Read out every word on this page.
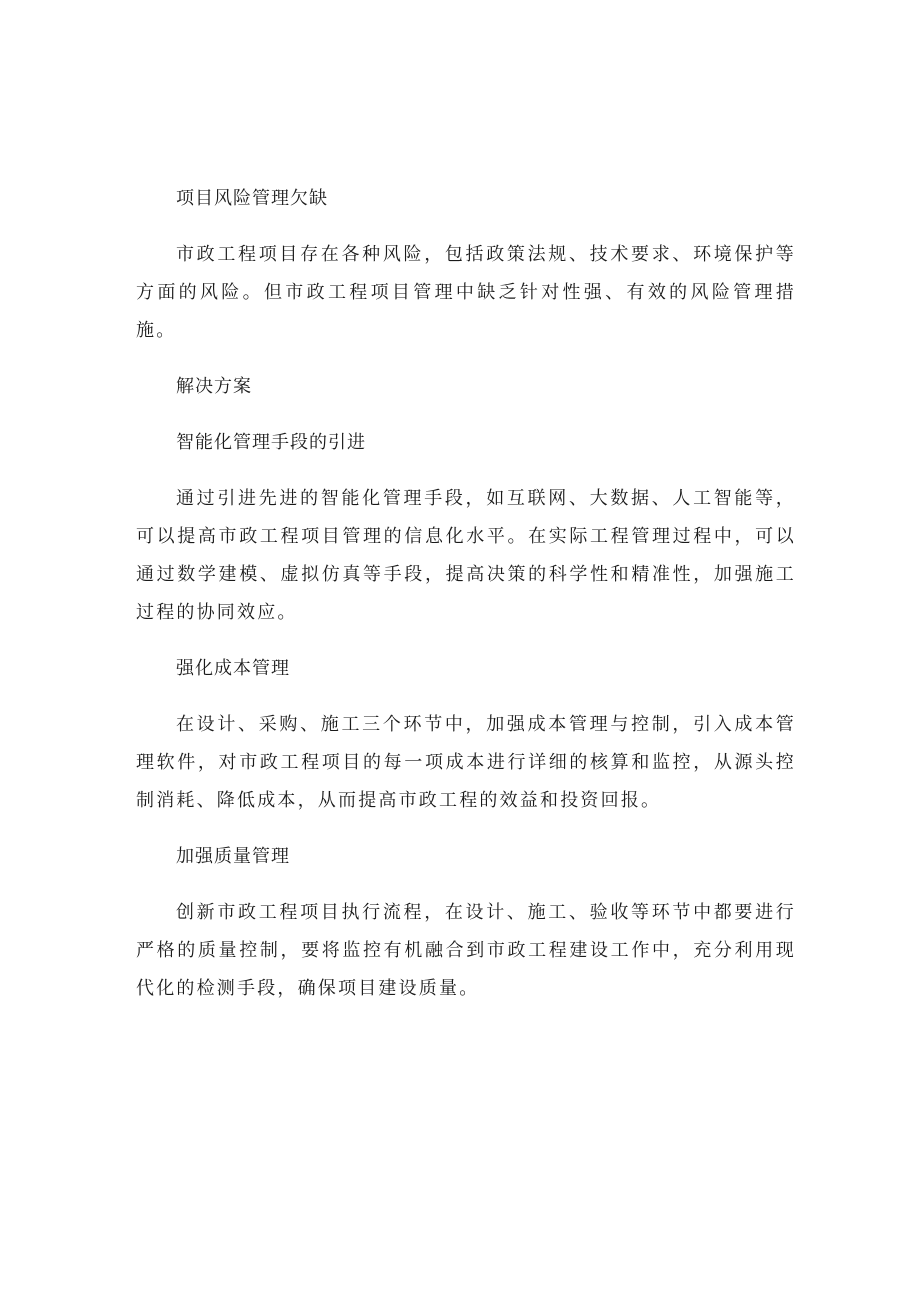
项目风险管理欠缺

市政工程项目存在各种风险，包括政策法规、技术要求、环境保护等方面的风险。但市政工程项目管理中缺乏针对性强、有效的风险管理措施。

解决方案
智能化管理手段的引进

通过引进先进的智能化管理手段，如互联网、大数据、人工智能等，可以提高市政工程项目管理的信息化水平。在实际工程管理过程中，可以通过数学建模、虚拟仿真等手段，提高决策的科学性和精准性，加强施工过程的协同效应。

强化成本管理

在设计、采购、施工三个环节中，加强成本管理与控制，引入成本管理软件，对市政工程项目的每一项成本进行详细的核算和监控，从源头控制消耗、降低成本，从而提高市政工程的效益和投资回报。

加强质量管理

创新市政工程项目执行流程，在设计、施工、验收等环节中都要进行严格的质量控制，要将监控有机融合到市政工程建设工作中，充分利用现代化的检测手段，确保项目建设质量。
